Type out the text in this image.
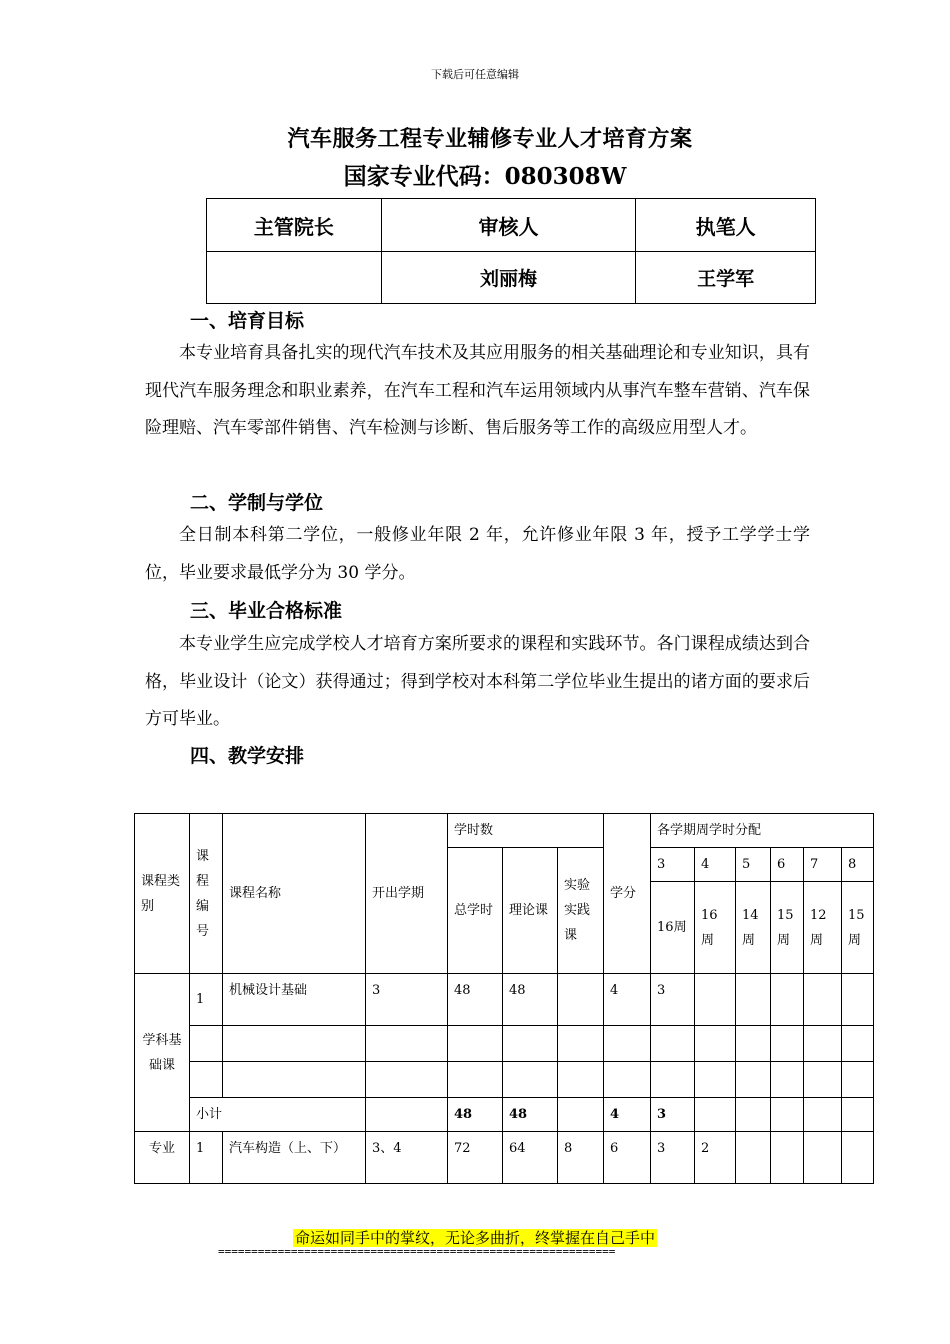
下载后可任意编辑
汽车服务工程专业辅修专业人才培育方案
国家专业代码：080308W
主管院长	审核人	执笔人
	刘丽梅	王学军
一、培育目标
本专业培育具备扎实的现代汽车技术及其应用服务的相关基础理论和专业知识，具有现代汽车服务理念和职业素养，在汽车工程和汽车运用领域内从事汽车整车营销、汽车保险理赔、汽车零部件销售、汽车检测与诊断、售后服务等工作的高级应用型人才。
二、学制与学位
全日制本科第二学位，一般修业年限 2 年，允许修业年限 3 年，授予工学学士学位，毕业要求最低学分为 30 学分。
三、毕业合格标准
本专业学生应完成学校人才培育方案所要求的课程和实践环节。各门课程成绩达到合格，毕业设计（论文）获得通过；得到学校对本科第二学位毕业生提出的诸方面的要求后方可毕业。
四、教学安排
课程类别	课程编号	课程名称	开出学期	学时数			学分	各学期周学时分配					
				总学时	理论课	实验实践课		3	4	5	6	7	8
								16周	16周	14周	15周	12周	15周
学科基础课	1	机械设计基础	3	48	48		4	3					

	小计			48	48		4	3					
专业	1	汽车构造（上、下）	3、4	72	64	8	6	3	2				
命运如同手中的掌纹，无论多曲折，终掌握在自己手中
============================================================
